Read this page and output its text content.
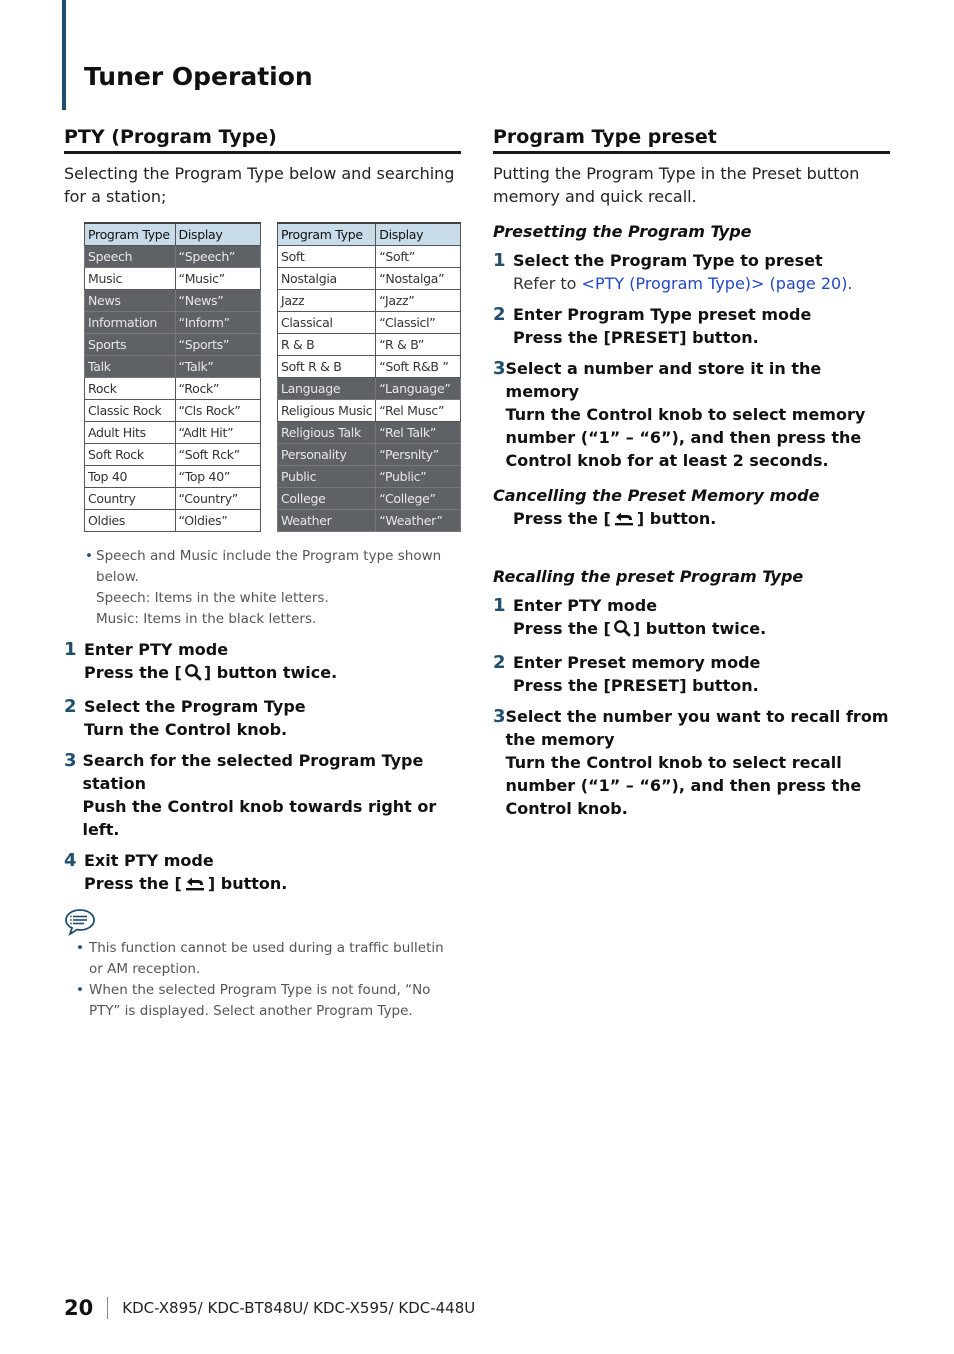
Tuner Operation
PTY (Program Type)

Selecting the Program Type below and searching for a station;

Program Type	Display
Speech	“Speech”
Music	“Music”
News	“News”
Information	“Inform”
Sports	“Sports”
Talk	“Talk”
Rock	“Rock”
Classic Rock	“Cls Rock”
Adult Hits	“Adlt Hit”
Soft Rock	“Soft Rck”
Top 40	“Top 40”
Country	“Country”
Oldies	“Oldies”
Program Type	Display
Soft	“Soft”
Nostalgia	“Nostalga”
Jazz	“Jazz”
Classical	“Classicl”
R & B	“R & B”
Soft R & B	“Soft R&B ”
Language	“Language”
Religious Music	“Rel Musc”
Religious Talk	“Rel Talk”
Personality	“Persnlty”
Public	“Public”
College	“College”
Weather	“Weather”
• Speech and Music include the Program type shown below.
Speech: Items in the white letters.
Music: Items in the black letters.
1 Enter PTY mode
Press the [ ] button twice.
2 Select the Program Type
Turn the Control knob.
3 Search for the selected Program Type station
Push the Control knob towards right or left.
4 Exit PTY mode
Press the [ ] button.
• This function cannot be used during a traffic bulletin or AM reception.
• When the selected Program Type is not found, “No PTY” is displayed. Select another Program Type.
Program Type preset

Putting the Program Type in the Preset button memory and quick recall.

Presetting the Program Type
1 Select the Program Type to preset
Refer to <PTY (Program Type)> (page 20).
2 Enter Program Type preset mode
Press the [PRESET] button.
3 Select a number and store it in the memory
Turn the Control knob to select memory number (“1” – “6”), and then press the Control knob for at least 2 seconds.
Cancelling the Preset Memory mode
Press the [ ] button.
Recalling the preset Program Type
1 Enter PTY mode
Press the [ ] button twice.
2 Enter Preset memory mode
Press the [PRESET] button.
3 Select the number you want to recall from the memory
Turn the Control knob to select recall number (“1” – “6”), and then press the Control knob.
20 KDC-X895/ KDC-BT848U/ KDC-X595/ KDC-448U
